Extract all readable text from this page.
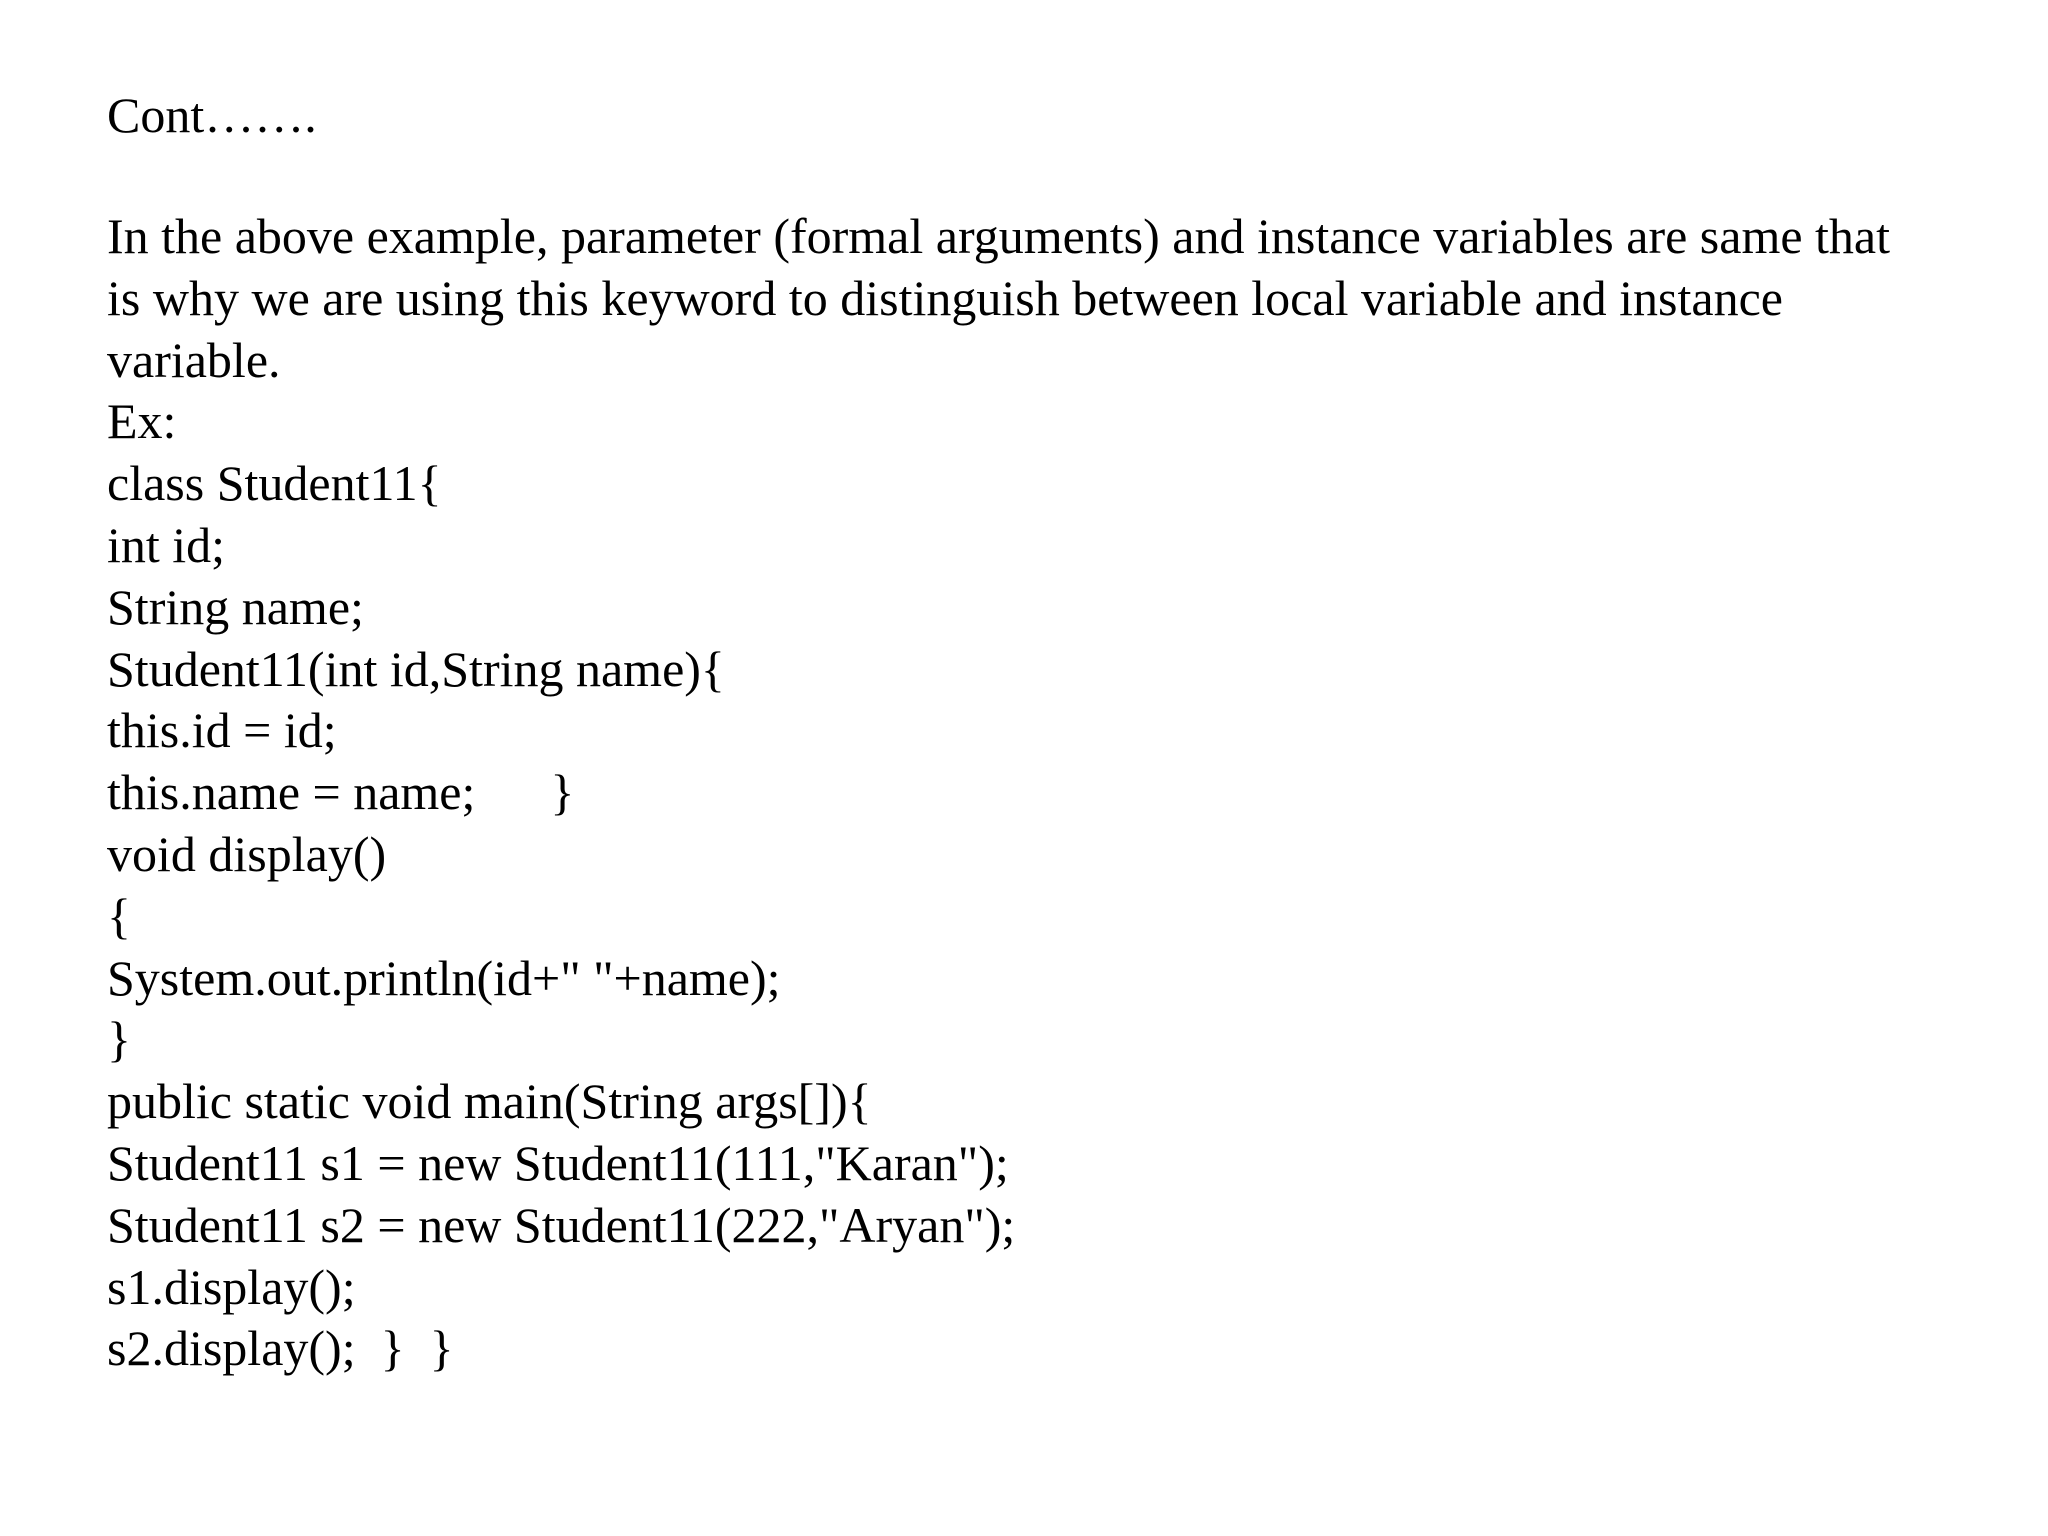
Cont…….
In the above example, parameter (formal arguments) and instance variables are same that
is why we are using this keyword to distinguish between local variable and instance
variable.
Ex:
class Student11{
int id;
String name;
Student11(int id,String name){
this.id = id;
this.name = name;      }
void display()
{
System.out.println(id+" "+name);
}
public static void main(String args[]){
Student11 s1 = new Student11(111,"Karan");
Student11 s2 = new Student11(222,"Aryan");
s1.display();
s2.display();  }  }
